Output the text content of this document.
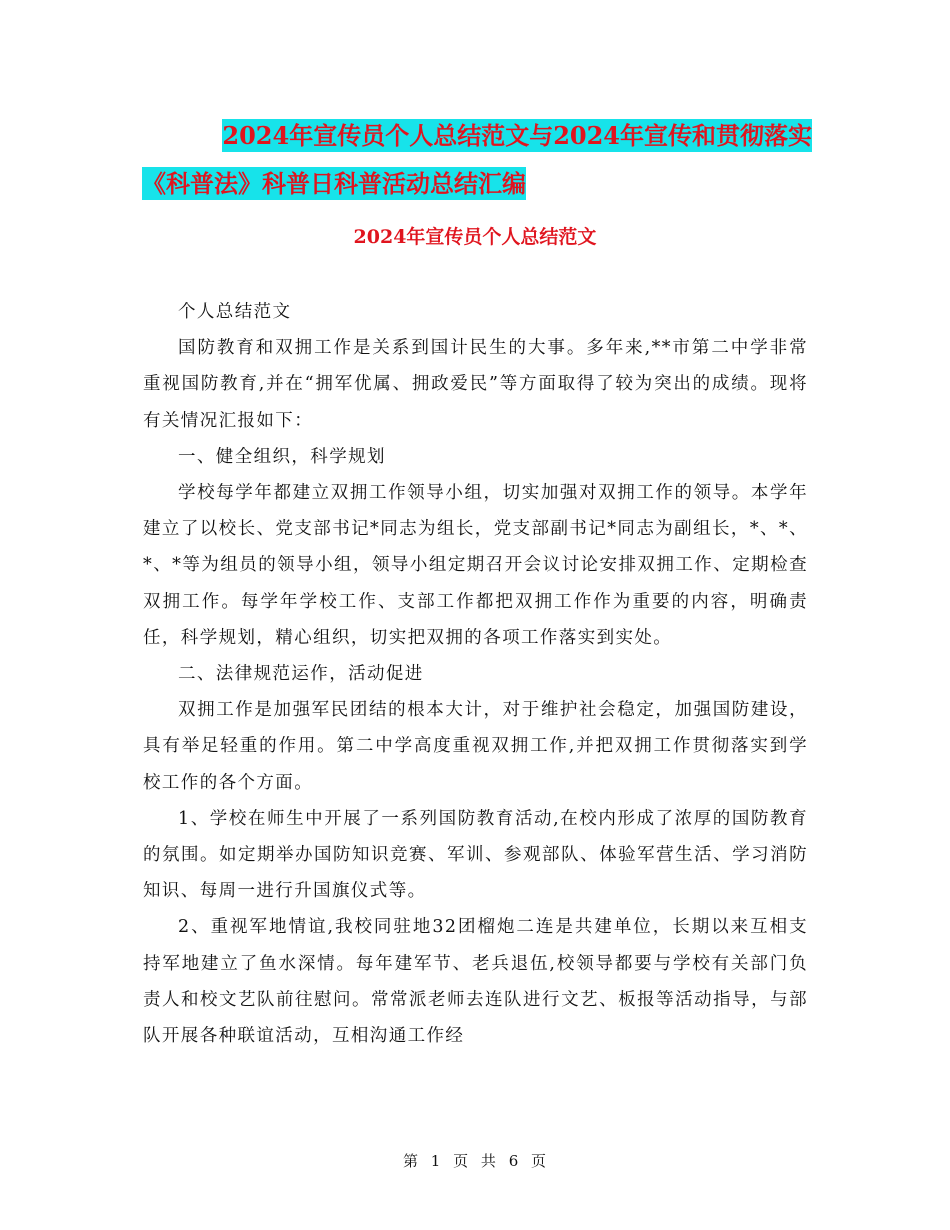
2024年宣传员个人总结范文与2024年宣传和贯彻落实
《科普法》科普日科普活动总结汇编
2024年宣传员个人总结范文

个人总结范文

国防教育和双拥工作是关系到国计民生的大事。多年来,**市第二中学非常重视国防教育,并在“拥军优属、拥政爱民”等方面取得了较为突出的成绩。现将有关情况汇报如下：

一、健全组织，科学规划

学校每学年都建立双拥工作领导小组，切实加强对双拥工作的领导。本学年建立了以校长、党支部书记*同志为组长，党支部副书记*同志为副组长，*、*、*、*等为组员的领导小组，领导小组定期召开会议讨论安排双拥工作、定期检查双拥工作。每学年学校工作、支部工作都把双拥工作作为重要的内容，明确责任，科学规划，精心组织，切实把双拥的各项工作落实到实处。

二、法律规范运作，活动促进

双拥工作是加强军民团结的根本大计，对于维护社会稳定，加强国防建设，具有举足轻重的作用。第二中学高度重视双拥工作,并把双拥工作贯彻落实到学校工作的各个方面。

1、学校在师生中开展了一系列国防教育活动,在校内形成了浓厚的国防教育的氛围。如定期举办国防知识竞赛、军训、参观部队、体验军营生活、学习消防知识、每周一进行升国旗仪式等。

2、重视军地情谊,我校同驻地32团榴炮二连是共建单位，长期以来互相支持军地建立了鱼水深情。每年建军节、老兵退伍,校领导都要与学校有关部门负责人和校文艺队前往慰问。常常派老师去连队进行文艺、板报等活动指导，与部队开展各种联谊活动，互相沟通工作经

第 1 页 共 6 页
